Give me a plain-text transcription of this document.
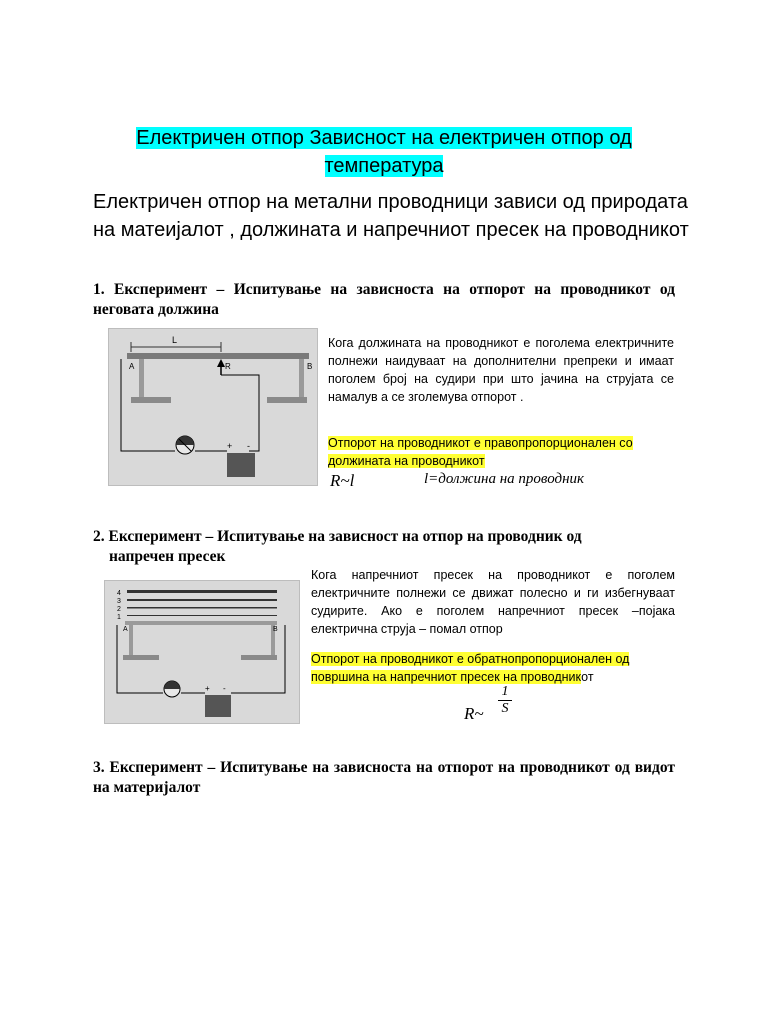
Електричен отпор Зависност на електричен отпор од температура
Електричен отпор на метални проводници зависи од природата на матеијалот , должината и напречниот пресек на проводникот
1. Експеримент – Испитување на зависноста на отпорот на проводникот од неговата должина
L
A	B
R
+ -
Кога должината на проводникот е поголема електричните полнежи наидуваат на дополнителни препреки и имаат поголем број на судири при што јачина на струјата се намалув а се зголемува отпорот .
Отпорот на проводникот е правопропорционален со должината на проводникот
R~l	l=должина на проводник
2. Експеримент – Испитување на зависност на отпор на проводник од
напречен пресек
4
3
2
1
A	B
+ -
Кога напречниот пресек на проводникот е поголем електричните полнежи се движат полесно и ги избегнуваат судирите. Ако е поголем напречниот пресек –појака електрична струја – помал отпор
Отпорот на проводникот е обратнопропорционален од површина на напречниот пресек на проводникот
R~ $\frac{1}{S}$
3. Експеримент – Испитување на зависноста на отпорот на проводникот од видот на материјалот
